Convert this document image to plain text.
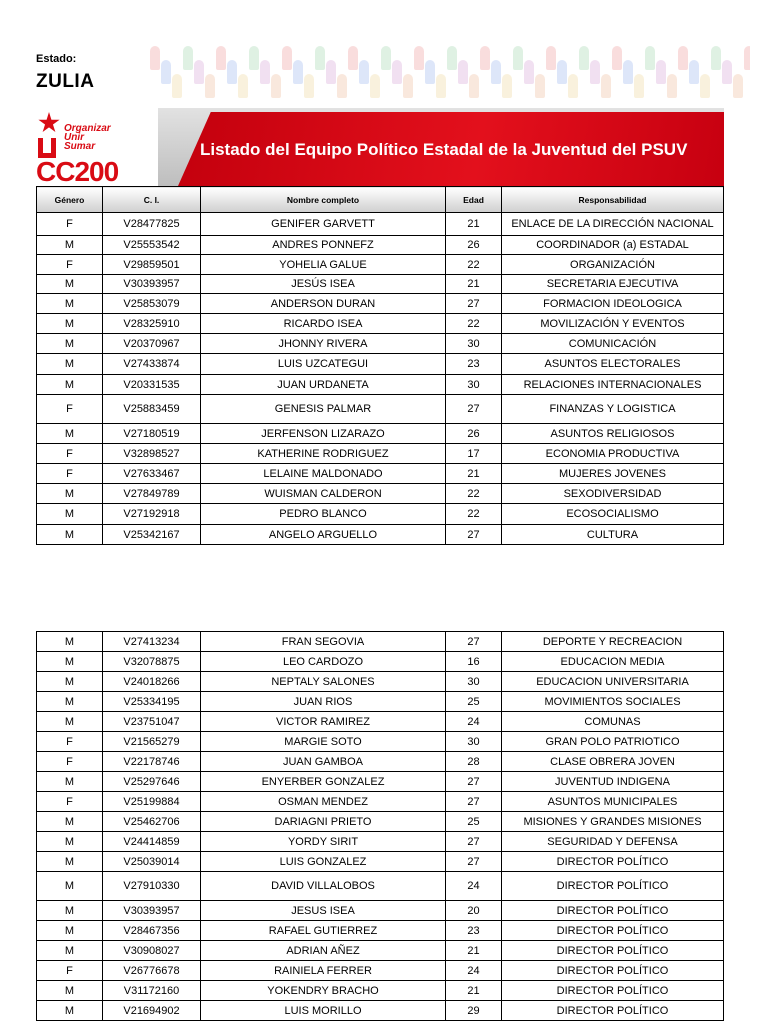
Estado:
ZULIA
Organizar
Unir
Sumar
CC200
Listado del Equipo Político Estadal de la Juventud del PSUV
Género	C. I.	Nombre completo	Edad	Responsabilidad
F	V28477825	GENIFER GARVETT	21	ENLACE DE LA DIRECCIÓN NACIONAL
M	V25553542	ANDRES PONNEFZ	26	COORDINADOR (a) ESTADAL
F	V29859501	YOHELIA GALUE	22	ORGANIZACIÓN
M	V30393957	JESÚS ISEA	21	SECRETARIA EJECUTIVA
M	V25853079	ANDERSON DURAN	27	FORMACION IDEOLOGICA
M	V28325910	RICARDO ISEA	22	MOVILIZACIÓN Y EVENTOS
M	V20370967	JHONNY RIVERA	30	COMUNICACIÓN
M	V27433874	LUIS UZCATEGUI	23	ASUNTOS ELECTORALES
M	V20331535	JUAN URDANETA	30	RELACIONES INTERNACIONALES
F	V25883459	GENESIS PALMAR	27	FINANZAS Y LOGISTICA
M	V27180519	JERFENSON LIZARAZO	26	ASUNTOS RELIGIOSOS
F	V32898527	KATHERINE RODRIGUEZ	17	ECONOMIA PRODUCTIVA
F	V27633467	LELAINE MALDONADO	21	MUJERES JOVENES
M	V27849789	WUISMAN CALDERON	22	SEXODIVERSIDAD
M	V27192918	PEDRO BLANCO	22	ECOSOCIALISMO
M	V25342167	ANGELO ARGUELLO	27	CULTURA
M	V27413234	FRAN SEGOVIA	27	DEPORTE Y RECREACION
M	V32078875	LEO CARDOZO	16	EDUCACION MEDIA
M	V24018266	NEPTALY SALONES	30	EDUCACION UNIVERSITARIA
M	V25334195	JUAN RIOS	25	MOVIMIENTOS SOCIALES
M	V23751047	VICTOR RAMIREZ	24	COMUNAS
F	V21565279	MARGIE SOTO	30	GRAN POLO PATRIOTICO
F	V22178746	JUAN GAMBOA	28	CLASE OBRERA JOVEN
M	V25297646	ENYERBER GONZALEZ	27	JUVENTUD INDIGENA
F	V25199884	OSMAN MENDEZ	27	ASUNTOS MUNICIPALES
M	V25462706	DARIAGNI PRIETO	25	MISIONES Y GRANDES MISIONES
M	V24414859	YORDY SIRIT	27	SEGURIDAD Y DEFENSA
M	V25039014	LUIS GONZALEZ	27	DIRECTOR POLÍTICO
M	V27910330	DAVID VILLALOBOS	24	DIRECTOR POLÍTICO
M	V30393957	JESUS ISEA	20	DIRECTOR POLÍTICO
M	V28467356	RAFAEL GUTIERREZ	23	DIRECTOR POLÍTICO
M	V30908027	ADRIAN AÑEZ	21	DIRECTOR POLÍTICO
F	V26776678	RAINIELA FERRER	24	DIRECTOR POLÍTICO
M	V31172160	YOKENDRY BRACHO	21	DIRECTOR POLÍTICO
M	V21694902	LUIS MORILLO	29	DIRECTOR POLÍTICO
